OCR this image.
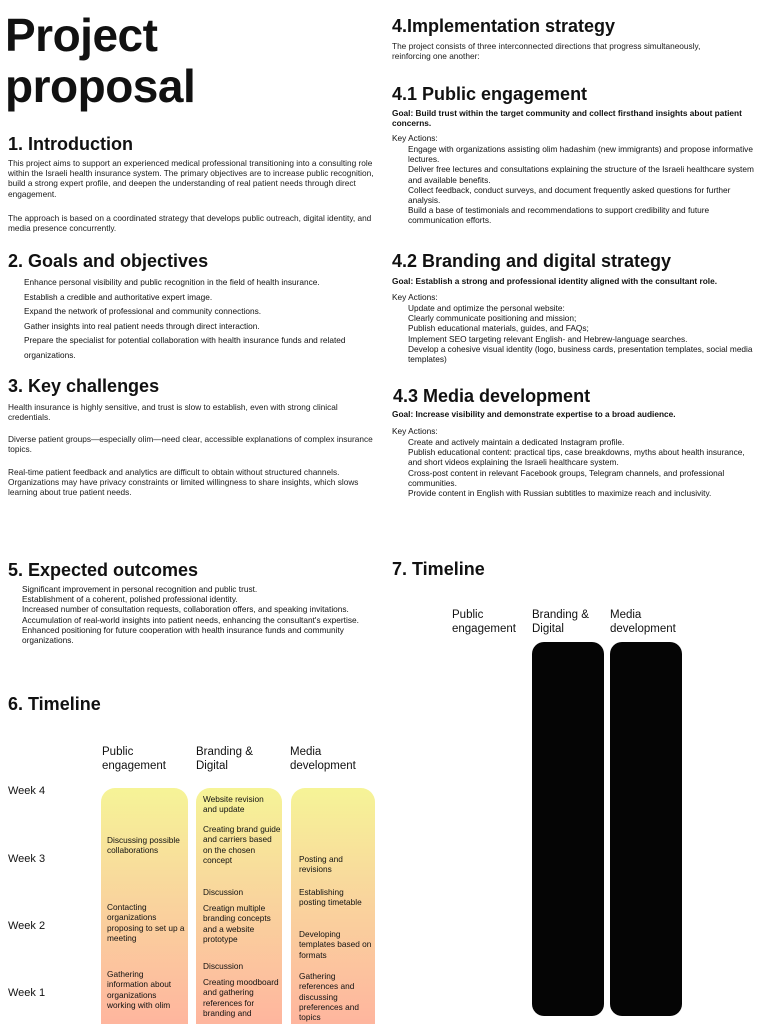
Project
proposal
1. Introduction
This project aims to support an experienced medical professional transitioning into a consulting role within the Israeli health insurance system. The primary objectives are to increase public recognition, build a strong expert profile, and deepen the understanding of real patient needs through direct engagement.
The approach is based on a coordinated strategy that develops public outreach, digital identity, and media presence concurrently.
2. Goals and objectives
Enhance personal visibility and public recognition in the field of health insurance.
Establish a credible and authoritative expert image.
Expand the network of professional and community connections.
Gather insights into real patient needs through direct interaction.
Prepare the specialist for potential collaboration with health insurance funds and related organizations.
3. Key challenges
Health insurance is highly sensitive, and trust is slow to establish, even with strong clinical credentials.
Diverse patient groups—especially olim—need clear, accessible explanations of complex insurance topics.
Real-time patient feedback and analytics are difficult to obtain without structured channels. Organizations may have privacy constraints or limited willingness to share insights, which slows learning about true patient needs.
4.Implementation strategy
The project consists of three interconnected directions that progress simultaneously, reinforcing one another:
4.1 Public engagement
Goal: Build trust within the target community and collect firsthand insights about patient concerns.
Key Actions:
Engage with organizations assisting olim hadashim (new immigrants) and propose informative lectures.
Deliver free lectures and consultations explaining the structure of the Israeli healthcare system and available benefits.
Collect feedback, conduct surveys, and document frequently asked questions for further analysis.
Build a base of testimonials and recommendations to support credibility and future communication efforts.
4.2 Branding and digital strategy
Goal: Establish a strong and professional identity aligned with the consultant role.
Key Actions:
Update and optimize the personal website:
Clearly communicate positioning and mission;
Publish educational materials, guides, and FAQs;
Implement SEO targeting relevant English- and Hebrew-language searches.
Develop a cohesive visual identity (logo, business cards, presentation templates, social media templates)
4.3 Media development
Goal: Increase visibility and demonstrate expertise to a broad audience.
Key Actions:
Create and actively maintain a dedicated Instagram profile.
Publish educational content: practical tips, case breakdowns, myths about health insurance, and short videos explaining the Israeli healthcare system.
Cross-post content in relevant Facebook groups, Telegram channels, and professional communities.
Provide content in English with Russian subtitles to maximize reach and inclusivity.
5. Expected outcomes
Significant improvement in personal recognition and public trust.
Establishment of a coherent, polished professional identity.
Increased number of consultation requests, collaboration offers, and speaking invitations.
Accumulation of real-world insights into patient needs, enhancing the consultant's expertise.
Enhanced positioning for future cooperation with health insurance funds and community organizations.
6. Timeline
Public engagement
Branding & Digital
Media development
Week 4
Week 3
Week 2
Week 1
Discussing possible collaborations
Contacting organizations proposing to set up a meeting
Gathering information about organizations working with olim
Website revision and update
Creating brand guide and carriers based on the chosen concept
Discussion
Creatign multiple branding concepts and a website prototype
Discussion
Creating moodboard and gathering references for branding and
Posting and revisions
Establishing posting timetable
Developing templates based on formats
Gathering references and discussing preferences and topics
7. Timeline
Public engagement
Branding & Digital
Media development
